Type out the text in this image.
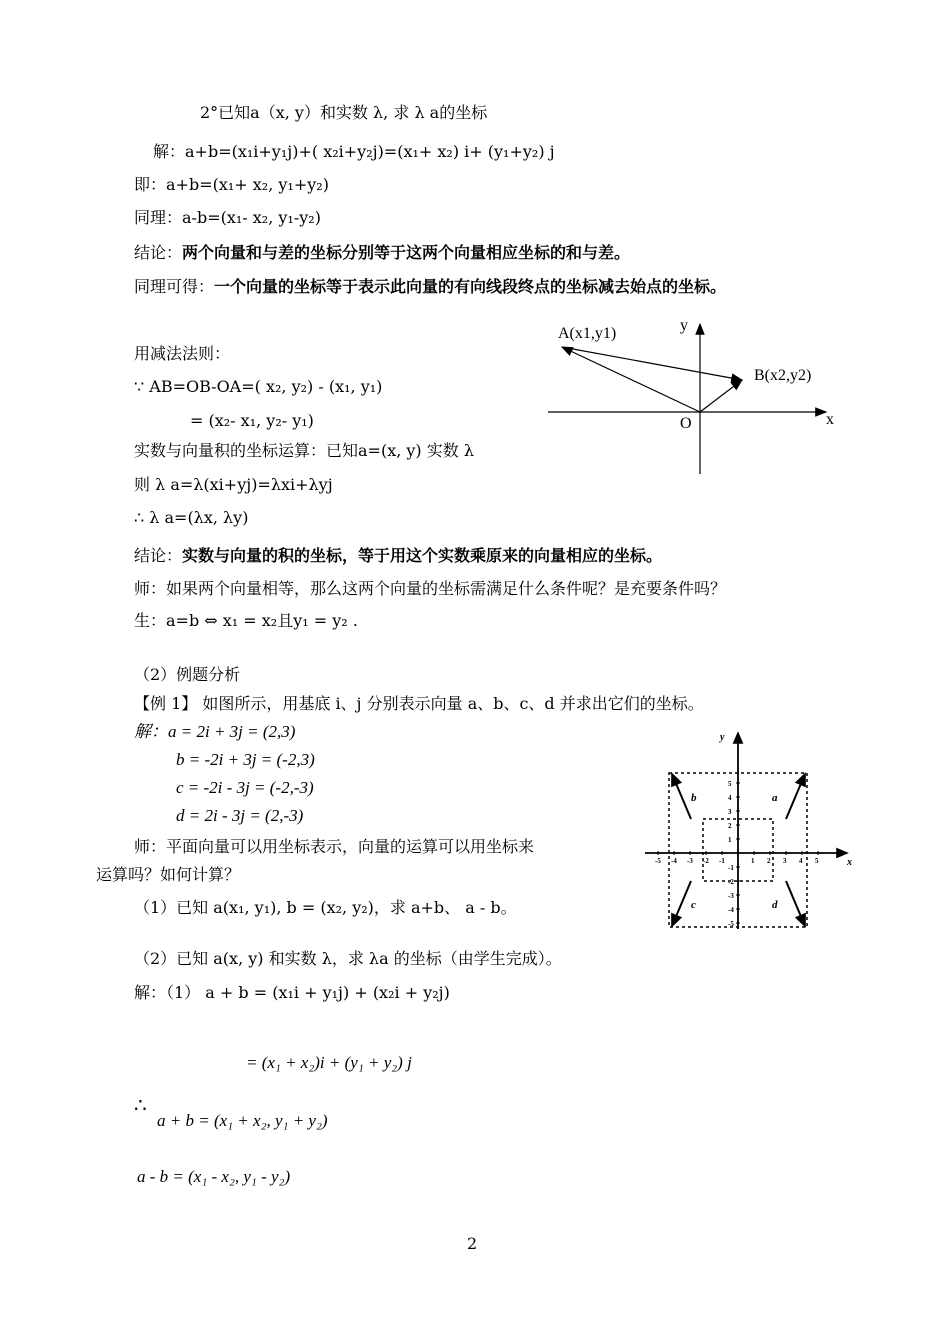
2°已知a（x, y）和实数 λ, 求 λ a的坐标
解：a+b=(x₁i+y₁j)+( x₂i+y₂j)=(x₁+ x₂) i+ (y₁+y₂) j
即：a+b=(x₁+ x₂, y₁+y₂)
同理：a-b=(x₁- x₂, y₁-y₂)
结论：两个向量和与差的坐标分别等于这两个向量相应坐标的和与差。
同理可得：一个向量的坐标等于表示此向量的有向线段终点的坐标减去始点的坐标。
用减法法则：
∵ AB=OB-OA=( x₂, y₂) - (x₁, y₁)
= (x₂- x₁, y₂- y₁)
实数与向量积的坐标运算：已知a=(x, y) 实数 λ
则 λ a=λ(xi+yj)=λxi+λyj
∴ λ a=(λx, λy)
结论：实数与向量的积的坐标，等于用这个实数乘原来的向量相应的坐标。
师：如果两个向量相等，那么这两个向量的坐标需满足什么条件呢？是充要条件吗？
生：a=b ⇔ x₁ = x₂且y₁ = y₂ .
（2）例题分析
【例 1】 如图所示，用基底 i、j 分别表示向量 a、b、c、d 并求出它们的坐标。
解：a = 2i + 3j = (2,3)
b = -2i + 3j = (-2,3)
c = -2i - 3j = (-2,-3)
d = 2i - 3j = (2,-3)
师：平面向量可以用坐标表示，向量的运算可以用坐标来
运算吗？如何计算？
（1）已知 a(x₁, y₁), b = (x₂, y₂)，求 a+b、 a - b。
（2）已知 a(x, y) 和实数 λ，求 λa 的坐标（由学生完成）。
解：（1） a + b = (x₁i + y₁j) + (x₂i + y₂j)
= (x₁ + x₂)i + (y₁ + y₂) j
∴
a + b = (x₁ + x₂, y₁ + y₂)
a - b = (x₁ - x₂, y₁ - y₂)
2
A(x1,y1)
B(x2,y2)
O	x
y
a
b
c	d
x
y
-5 -4 -3 -2 -1	1 2 3 4 5
5
4
3
2
1
-1
-2
-3
-4
-5
